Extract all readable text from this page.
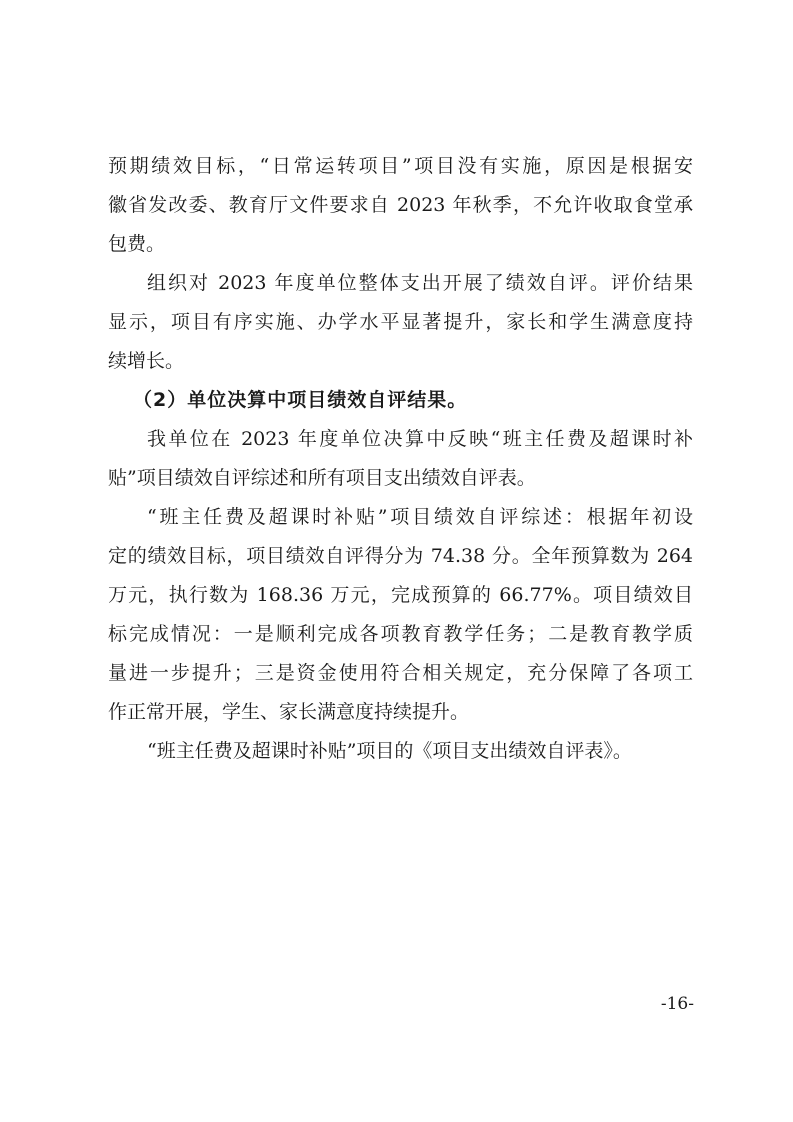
预期绩效目标，“日常运转项目”项目没有实施，原因是根据安
徽省发改委、教育厅文件要求自 2023 年秋季，不允许收取食堂承
包费。
组织对 2023 年度单位整体支出开展了绩效自评。评价结果
显示，项目有序实施、办学水平显著提升，家长和学生满意度持
续增长。
（2）单位决算中项目绩效自评结果。
我单位在 2023 年度单位决算中反映“班主任费及超课时补
贴”项目绩效自评综述和所有项目支出绩效自评表。
“班主任费及超课时补贴”项目绩效自评综述：根据年初设
定的绩效目标，项目绩效自评得分为 74.38 分。全年预算数为 264
万元，执行数为 168.36 万元，完成预算的 66.77%。项目绩效目
标完成情况：一是顺利完成各项教育教学任务；二是教育教学质
量进一步提升；三是资金使用符合相关规定，充分保障了各项工
作正常开展，学生、家长满意度持续提升。
“班主任费及超课时补贴”项目的《项目支出绩效自评表》。
-16-
